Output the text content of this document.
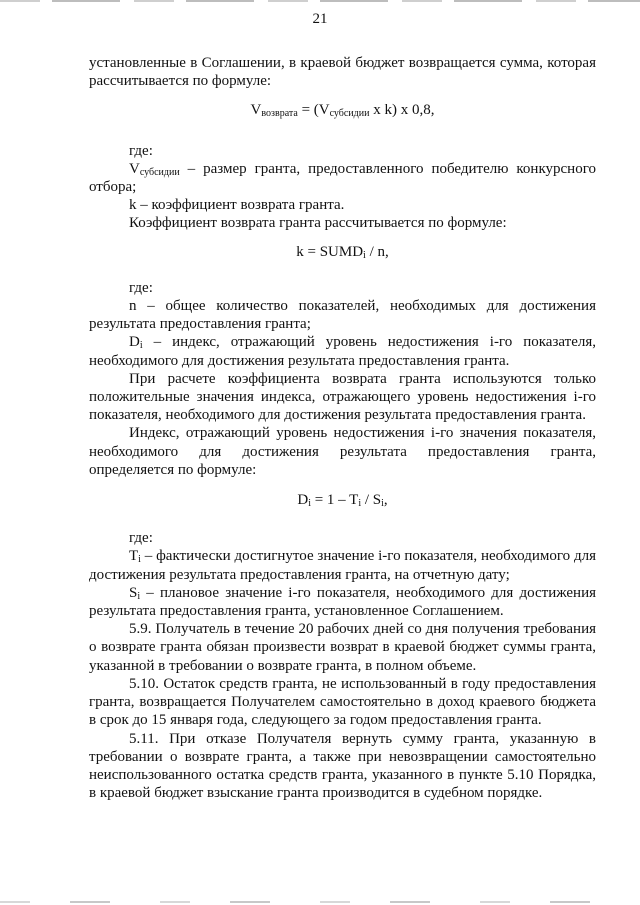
21

установленные в Соглашении, в краевой бюджет возвращается сумма, которая рассчитывается по формуле:

$V_{возврата} = (V_{субсидии}$ x k) x 0,8,

где:

$V_{субсидии}$ – размер гранта, предоставленного победителю конкурсного отбора;

k – коэффициент возврата гранта.

Коэффициент возврата гранта рассчитывается по формуле:

$k = SUMD_i / n$,

где:

n – общее количество показателей, необходимых для достижения результата предоставления гранта;

$D_i$ – индекс, отражающий уровень недостижения i-го показателя, необходимого для достижения результата предоставления гранта.

При расчете коэффициента возврата гранта используются только положительные значения индекса, отражающего уровень недостижения i-го показателя, необходимого для достижения результата предоставления гранта.

Индекс, отражающий уровень недостижения i-го значения показателя, необходимого для достижения результата предоставления гранта, определяется по формуле:

$D_i = 1 - T_i / S_i$,

где:

$T_i$ – фактически достигнутое значение i-го показателя, необходимого для достижения результата предоставления гранта, на отчетную дату;

$S_i$ – плановое значение i-го показателя, необходимого для достижения результата предоставления гранта, установленное Соглашением.

5.9. Получатель в течение 20 рабочих дней со дня получения требования о возврате гранта обязан произвести возврат в краевой бюджет суммы гранта, указанной в требовании о возврате гранта, в полном объеме.

5.10. Остаток средств гранта, не использованный в году предоставления гранта, возвращается Получателем самостоятельно в доход краевого бюджета в срок до 15 января года, следующего за годом предоставления гранта.

5.11. При отказе Получателя вернуть сумму гранта, указанную в требовании о возврате гранта, а также при невозвращении самостоятельно неиспользованного остатка средств гранта, указанного в пункте 5.10 Порядка, в краевой бюджет взыскание гранта производится в судебном порядке.
